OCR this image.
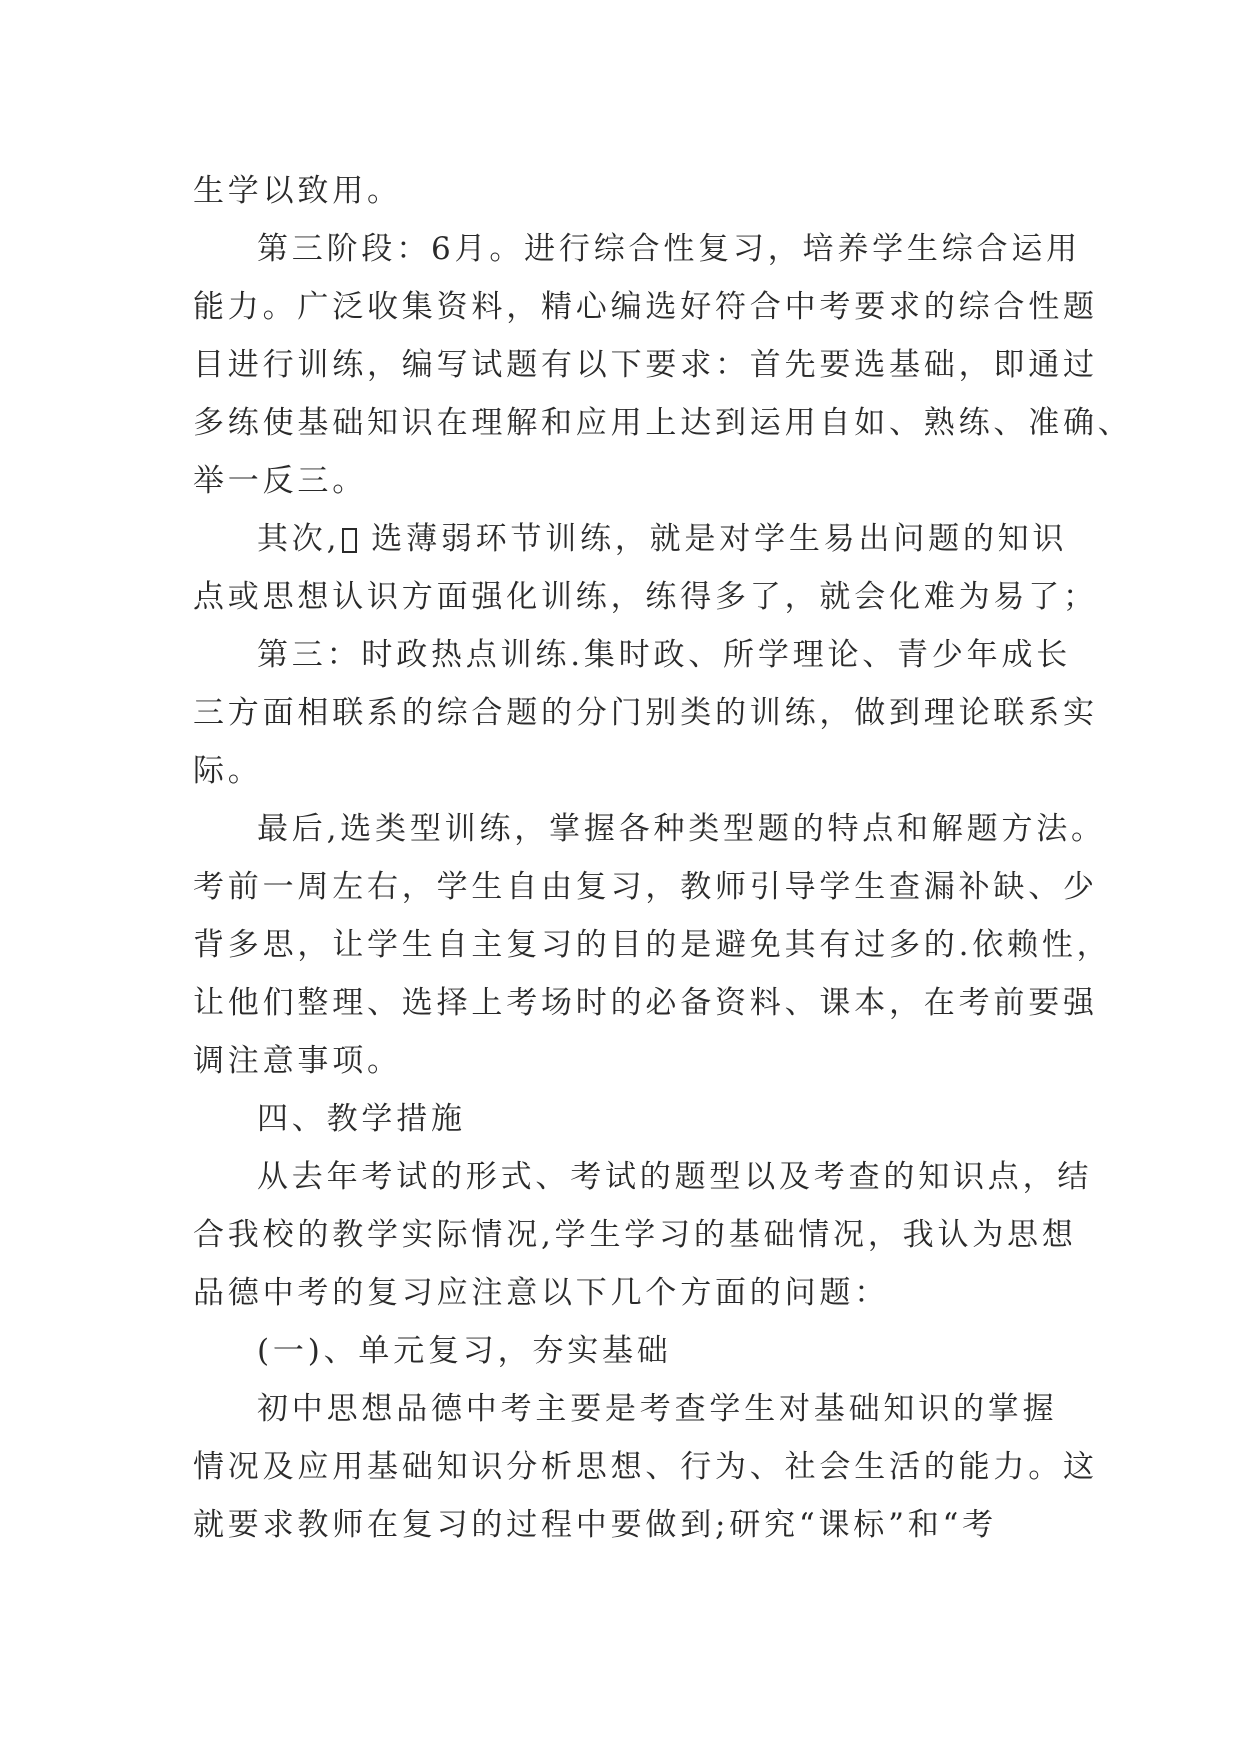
生学以致用。
第三阶段：6月。进行综合性复习，培养学生综合运用
能力。广泛收集资料，精心编选好符合中考要求的综合性题
目进行训练，编写试题有以下要求：首先要选基础，即通过
多练使基础知识在理解和应用上达到运用自如、熟练、准确、
举一反三。
其次, 选薄弱环节训练，就是对学生易出问题的知识
点或思想认识方面强化训练，练得多了，就会化难为易了；
第三：时政热点训练.集时政、所学理论、青少年成长
三方面相联系的综合题的分门别类的训练，做到理论联系实
际。
最后,选类型训练，掌握各种类型题的特点和解题方法。
考前一周左右，学生自由复习，教师引导学生查漏补缺、少
背多思，让学生自主复习的目的是避免其有过多的.依赖性，
让他们整理、选择上考场时的必备资料、课本，在考前要强
调注意事项。
四、教学措施
从去年考试的形式、考试的题型以及考查的知识点，结
合我校的教学实际情况,学生学习的基础情况，我认为思想
品德中考的复习应注意以下几个方面的问题：
(一)、单元复习，夯实基础
初中思想品德中考主要是考查学生对基础知识的掌握
情况及应用基础知识分析思想、行为、社会生活的能力。这
就要求教师在复习的过程中要做到;研究“课标”和“考
